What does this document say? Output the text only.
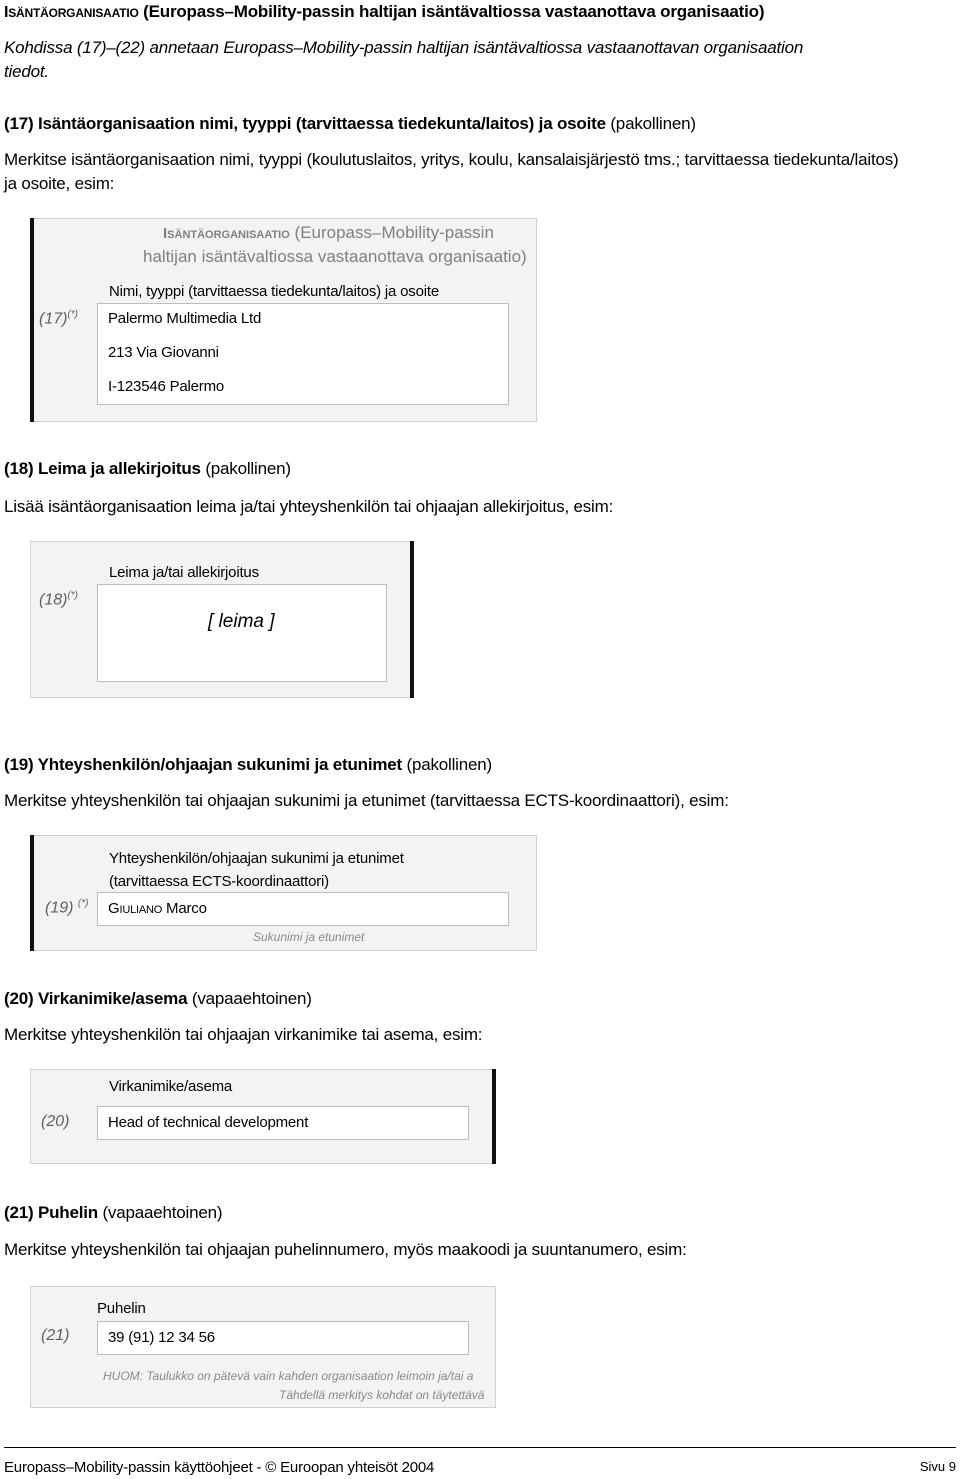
ISÄNTÄORGANISAATIO (Europass–Mobility-passin haltijan isäntävaltiossa vastaanottava organisaatio)
Kohdissa (17)–(22) annetaan Europass–Mobility-passin haltijan isäntävaltiossa vastaanottavan organisaation
tiedot.
(17) Isäntäorganisaation nimi, tyyppi (tarvittaessa tiedekunta/laitos) ja osoite (pakollinen)
Merkitse isäntäorganisaation nimi, tyyppi (koulutuslaitos, yritys, koulu, kansalaisjärjestö tms.; tarvittaessa tiedekunta/laitos)
ja osoite, esim:
ISÄNTÄORGANISAATIO (Europass–Mobility-passin
haltijan isäntävaltiossa vastaanottava organisaatio)
(17)(*)
Nimi, tyyppi (tarvittaessa tiedekunta/laitos) ja osoite
Palermo Multimedia Ltd
213 Via Giovanni
I-123546 Palermo
(18) Leima ja allekirjoitus (pakollinen)
Lisää isäntäorganisaation leima ja/tai yhteyshenkilön tai ohjaajan allekirjoitus, esim:
(18)(*)
Leima ja/tai allekirjoitus
[ leima ]
(19) Yhteyshenkilön/ohjaajan sukunimi ja etunimet (pakollinen)
Merkitse yhteyshenkilön tai ohjaajan sukunimi ja etunimet (tarvittaessa ECTS-koordinaattori), esim:
(19) (*)
Yhteyshenkilön/ohjaajan sukunimi ja etunimet
(tarvittaessa ECTS-koordinaattori)
GIULIANO Marco
Sukunimi ja etunimet
(20) Virkanimike/asema (vapaaehtoinen)
Merkitse yhteyshenkilön tai ohjaajan virkanimike tai asema, esim:
(20)
Virkanimike/asema
Head of technical development
(21) Puhelin (vapaaehtoinen)
Merkitse yhteyshenkilön tai ohjaajan puhelinnumero, myös maakoodi ja suuntanumero, esim:
(21)
Puhelin
39 (91) 12 34 56
HUOM: Taulukko on pätevä vain kahden organisaation leimoin ja/tai a
Tähdellä merkitys kohdat on täytettävä
Europass–Mobility-passin käyttöohjeet - © Euroopan yhteisöt 2004	Sivu 9
